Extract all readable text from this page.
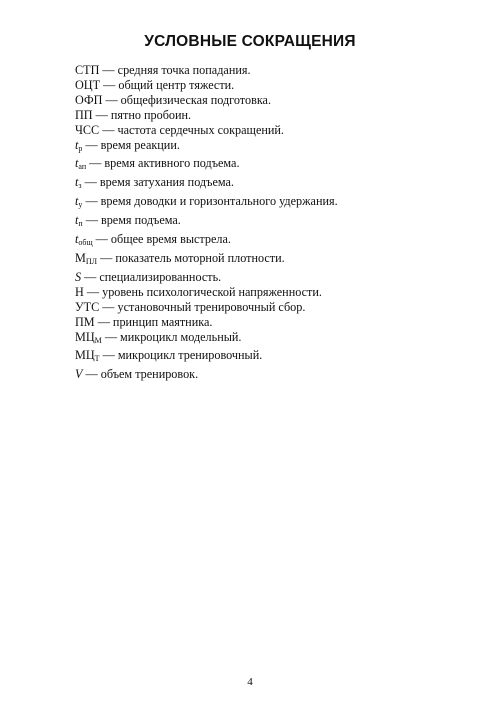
УСЛОВНЫЕ СОКРАЩЕНИЯ
СТП — средняя точка попадания.
ОЦТ — общий центр тяжести.
ОФП — общефизическая подготовка.
ПП — пятно пробоин.
ЧСС — частота сердечных сокращений.
$t_р$ — время реакции.
$t_{ап}$ — время активного подъема.
$t_з$ — время затухания подъема.
$t_у$ — время доводки и горизонтального удержания.
$t_п$ — время подъема.
$t_{общ}$ — общее время выстрела.
$М_{ПЛ}$ — показатель моторной плотности.
S — специализированность.
Н — уровень психологической напряженности.
УТС — установочный тренировочный сбор.
ПМ — принцип маятника.
$МЦ_М$ — микроцикл модельный.
$МЦ_Т$ — микроцикл тренировочный.
V — объем тренировок.
4
